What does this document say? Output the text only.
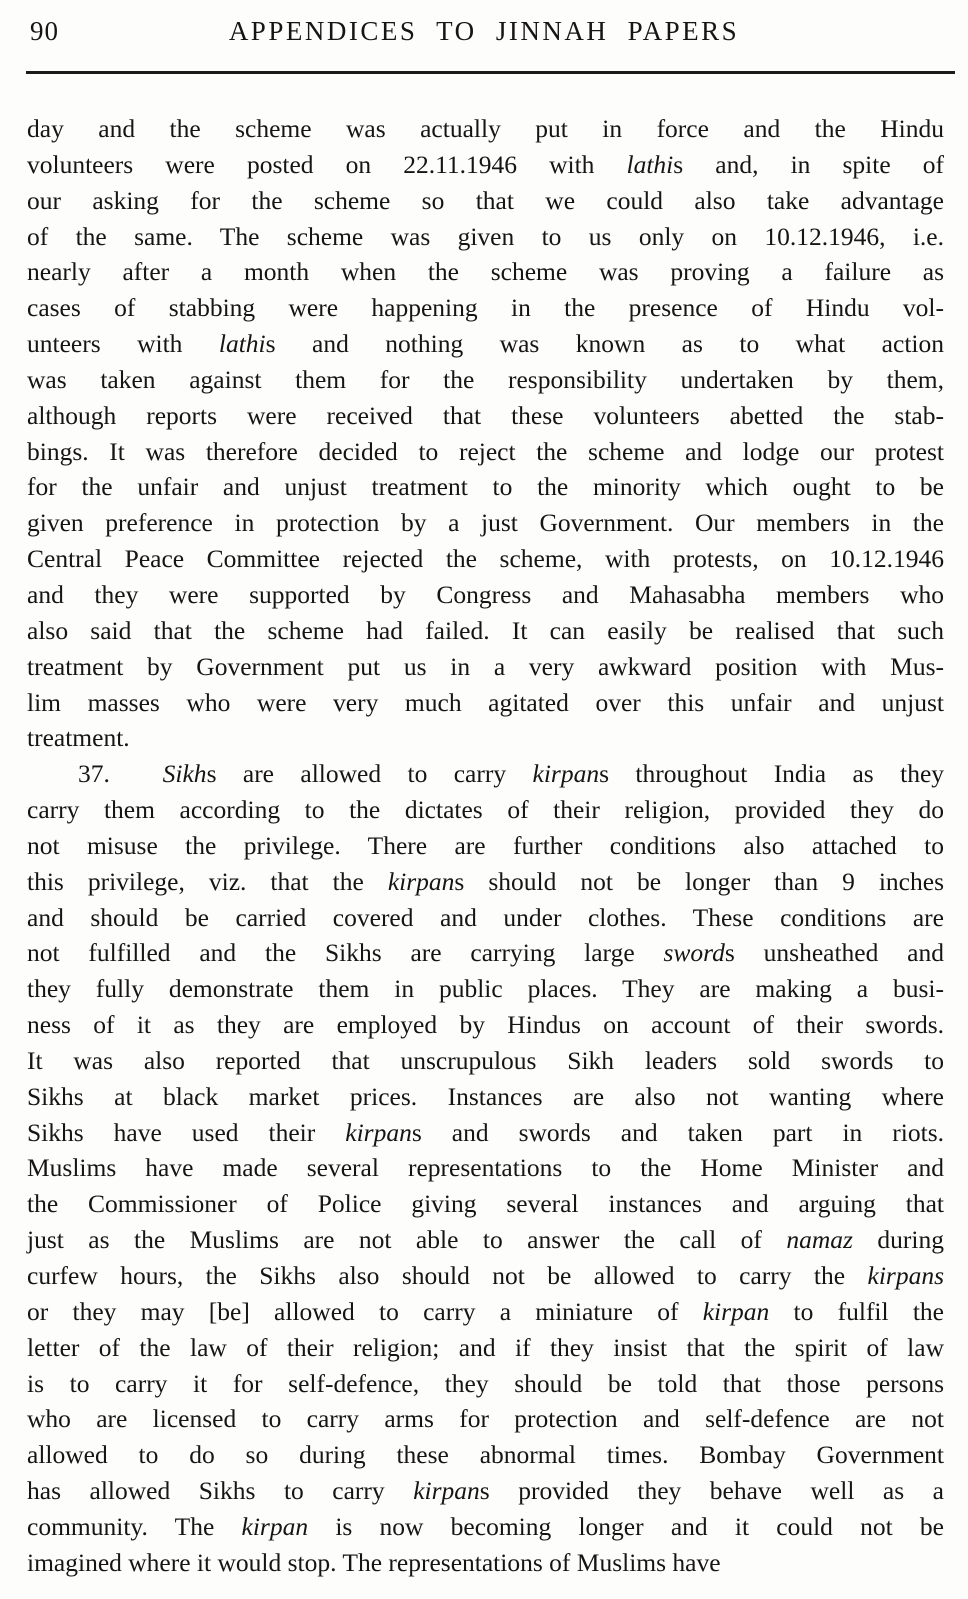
90	APPENDICES TO JINNAH PAPERS
day and the scheme was actually put in force and the Hindu
volunteers were posted on 22.11.1946 with lathis and, in spite of
our asking for the scheme so that we could also take advantage
of the same. The scheme was given to us only on 10.12.1946, i.e.
nearly after a month when the scheme was proving a failure as
cases of stabbing were happening in the presence of Hindu vol-
unteers with lathis and nothing was known as to what action
was taken against them for the responsibility undertaken by them,
although reports were received that these volunteers abetted the stab-
bings. It was therefore decided to reject the scheme and lodge our protest
for the unfair and unjust treatment to the minority which ought to be
given preference in protection by a just Government. Our members in the
Central Peace Committee rejected the scheme, with protests, on 10.12.1946
and they were supported by Congress and Mahasabha members who
also said that the scheme had failed. It can easily be realised that such
treatment by Government put us in a very awkward position with Mus-
lim masses who were very much agitated over this unfair and unjust
treatment.
37.  Sikhs are allowed to carry kirpans throughout India as they
carry them according to the dictates of their religion, provided they do
not misuse the privilege. There are further conditions also attached to
this privilege, viz. that the kirpans should not be longer than 9 inches
and should be carried covered and under clothes. These conditions are
not fulfilled and the Sikhs are carrying large swords unsheathed and
they fully demonstrate them in public places. They are making a busi-
ness of it as they are employed by Hindus on account of their swords.
It was also reported that unscrupulous Sikh leaders sold swords to
Sikhs at black market prices. Instances are also not wanting where
Sikhs have used their kirpans and swords and taken part in riots.
Muslims have made several representations to the Home Minister and
the Commissioner of Police giving several instances and arguing that
just as the Muslims are not able to answer the call of namaz during
curfew hours, the Sikhs also should not be allowed to carry the kirpans
or they may [be] allowed to carry a miniature of kirpan to fulfil the
letter of the law of their religion; and if they insist that the spirit of law
is to carry it for self-defence, they should be told that those persons
who are licensed to carry arms for protection and self-defence are not
allowed to do so during these abnormal times. Bombay Government
has allowed Sikhs to carry kirpans provided they behave well as a
community. The kirpan is now becoming longer and it could not be
imagined where it would stop. The representations of Muslims have
